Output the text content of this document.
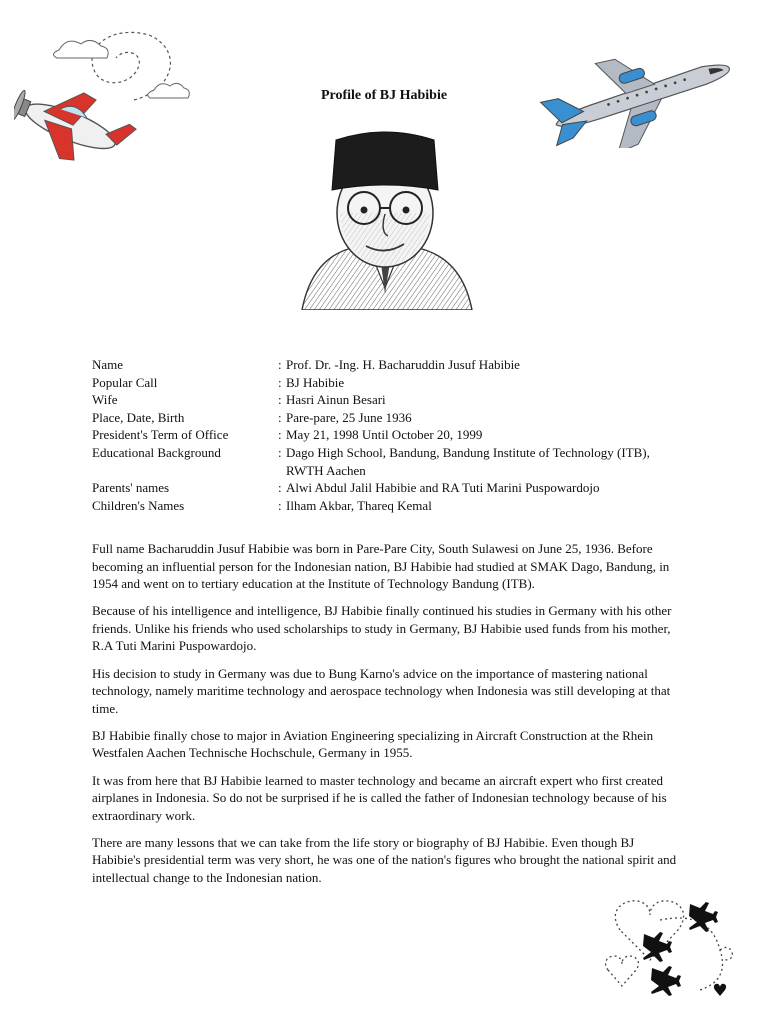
Profile of BJ Habibie
Name	: Prof. Dr. -Ing. H. Bacharuddin Jusuf Habibie
Popular Call	: BJ Habibie
Wife	: Hasri Ainun Besari
Place, Date, Birth	: Pare-pare, 25 June 1936
President's Term of Office	: May 21, 1998 Until October 20, 1999
Educational Background	: Dago High School, Bandung, Bandung Institute of Technology (ITB), RWTH Aachen
Parents' names	: Alwi Abdul Jalil Habibie and RA Tuti Marini Puspowardojo
Children's Names	: Ilham Akbar, Thareq Kemal

Full name Bacharuddin Jusuf Habibie was born in Pare-Pare City, South Sulawesi on June 25, 1936. Before becoming an influential person for the Indonesian nation, BJ Habibie had studied at SMAK Dago, Bandung, in 1954 and went on to tertiary education at the Institute of Technology Bandung (ITB).

Because of his intelligence and intelligence, BJ Habibie finally continued his studies in Germany with his other friends. Unlike his friends who used scholarships to study in Germany, BJ Habibie used funds from his mother, R.A Tuti Marini Puspowardojo.

His decision to study in Germany was due to Bung Karno's advice on the importance of mastering national technology, namely maritime technology and aerospace technology when Indonesia was still developing at that time.

BJ Habibie finally chose to major in Aviation Engineering specializing in Aircraft Construction at the Rhein Westfalen Aachen Technische Hochschule, Germany in 1955.

It was from here that BJ Habibie learned to master technology and became an aircraft expert who first created airplanes in Indonesia. So do not be surprised if he is called the father of Indonesian technology because of his extraordinary work.

There are many lessons that we can take from the life story or biography of BJ Habibie. Even though BJ Habibie's presidential term was very short, he was one of the nation's figures who brought the national spirit and intellectual change to the Indonesian nation.
